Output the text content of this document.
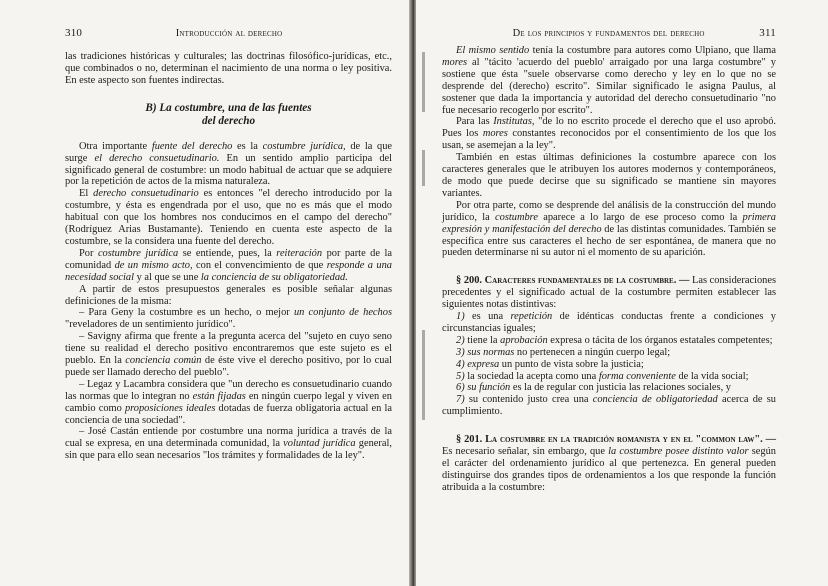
310	Introducción al derecho

las tradiciones históricas y culturales; las doctrinas filosófico-jurídicas, etc., que combinados o no, determinan el nacimiento de una norma o ley positiva. En este aspecto son fuentes indirectas.

B) La costumbre, una de las fuentes
del derecho

Otra importante fuente del derecho es la costumbre jurídica, de la que surge el derecho consuetudinario. En un sentido amplio participa del significado general de costumbre: un modo habitual de actuar que se adquiere por la repetición de actos de la misma naturaleza.

El derecho consuetudinario es entonces "el derecho introducido por la costumbre, y ésta es engendrada por el uso, que no es más que el modo habitual con que los hombres nos conducimos en el campo del derecho" (Rodríguez Arias Bustamante). Teniendo en cuenta este aspecto de la costumbre, se la considera una fuente del derecho.

Por costumbre jurídica se entiende, pues, la reiteración por parte de la comunidad de un mismo acto, con el convencimiento de que responde a una necesidad social y al que se une la conciencia de su obligatoriedad.

A partir de estos presupuestos generales es posible señalar algunas definiciones de la misma:

– Para Geny la costumbre es un hecho, o mejor un conjunto de hechos "reveladores de un sentimiento jurídico".

– Savigny afirma que frente a la pregunta acerca del "sujeto en cuyo seno tiene su realidad el derecho positivo encontraremos que este sujeto es el pueblo. En la conciencia común de éste vive el derecho positivo, por lo cual puede ser llamado derecho del pueblo".

– Legaz y Lacambra considera que "un derecho es consuetudinario cuando las normas que lo integran no están fijadas en ningún cuerpo legal y viven en cambio como proposiciones ideales dotadas de fuerza obligatoria actual en la conciencia de una sociedad".

– José Castán entiende por costumbre una norma jurídica a través de la cual se expresa, en una determinada comunidad, la voluntad jurídica general, sin que para ello sean necesarios "los trámites y formalidades de la ley".

De los principios y fundamentos del derecho	311

El mismo sentido tenía la costumbre para autores como Ulpiano, que llama mores al "tácito 'acuerdo del pueblo' arraigado por una larga costumbre" y sostiene que ésta "suele observarse como derecho y ley en lo que no se desprende del (derecho) escrito". Similar significado le asigna Paulus, al sostener que dada la importancia y autoridad del derecho consuetudinario "no fue necesario recogerlo por escrito".

Para las Institutas, "de lo no escrito procede el derecho que el uso aprobó. Pues los mores constantes reconocidos por el consentimiento de los que los usan, se asemejan a la ley".

También en estas últimas definiciones la costumbre aparece con los caracteres generales que le atribuyen los autores modernos y contemporáneos, de modo que puede decirse que su significado se mantiene sin mayores variantes.

Por otra parte, como se desprende del análisis de la construcción del mundo jurídico, la costumbre aparece a lo largo de ese proceso como la primera expresión y manifestación del derecho de las distintas comunidades. También se especifica entre sus caracteres el hecho de ser espontánea, de manera que no pueden determinarse ni su autor ni el momento de su aparición.

§ 200. Caracteres fundamentales de la costumbre. — Las consideraciones precedentes y el significado actual de la costumbre permiten establecer las siguientes notas distintivas:

1) es una repetición de idénticas conductas frente a condiciones y circunstancias iguales;

2) tiene la aprobación expresa o tácita de los órganos estatales competentes;

3) sus normas no pertenecen a ningún cuerpo legal;

4) expresa un punto de vista sobre la justicia;

5) la sociedad la acepta como una forma conveniente de la vida social;

6) su función es la de regular con justicia las relaciones sociales, y

7) su contenido justo crea una conciencia de obligatoriedad acerca de su cumplimiento.

§ 201. La costumbre en la tradición romanista y en el "common law". — Es necesario señalar, sin embargo, que la costumbre posee distinto valor según el carácter del ordenamiento jurídico al que pertenezca. En general pueden distinguirse dos grandes tipos de ordenamientos a los que responde la función atribuida a la costumbre:
